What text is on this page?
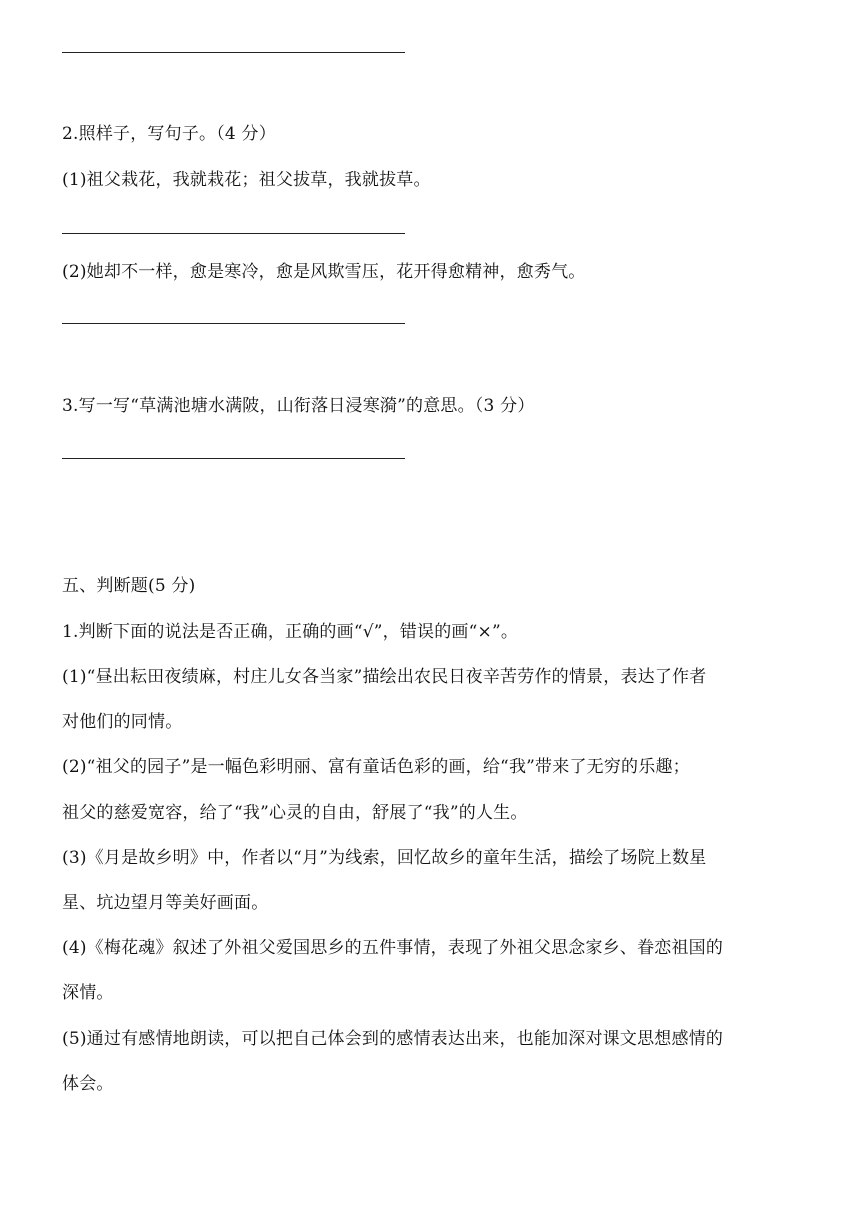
2.照样子，写句子。（4 分）
(1)祖父栽花，我就栽花；祖父拔草，我就拔草。
(2)她却不一样，愈是寒冷，愈是风欺雪压，花开得愈精神，愈秀气。
3.写一写“草满池塘水满陂，山衔落日浸寒漪”的意思。（3 分）
五、判断题(5 分)
1.判断下面的说法是否正确，正确的画“√”，错误的画“×”。
(1)“昼出耘田夜绩麻，村庄儿女各当家”描绘出农民日夜辛苦劳作的情景，表达了作者
对他们的同情。
(2)“祖父的园子”是一幅色彩明丽、富有童话色彩的画，给“我”带来了无穷的乐趣；
祖父的慈爱宽容，给了“我”心灵的自由，舒展了“我”的人生。
(3)《月是故乡明》中，作者以“月”为线索，回忆故乡的童年生活，描绘了场院上数星
星、坑边望月等美好画面。
(4)《梅花魂》叙述了外祖父爱国思乡的五件事情，表现了外祖父思念家乡、眷恋祖国的
深情。
(5)通过有感情地朗读，可以把自己体会到的感情表达出来，也能加深对课文思想感情的
体会。
